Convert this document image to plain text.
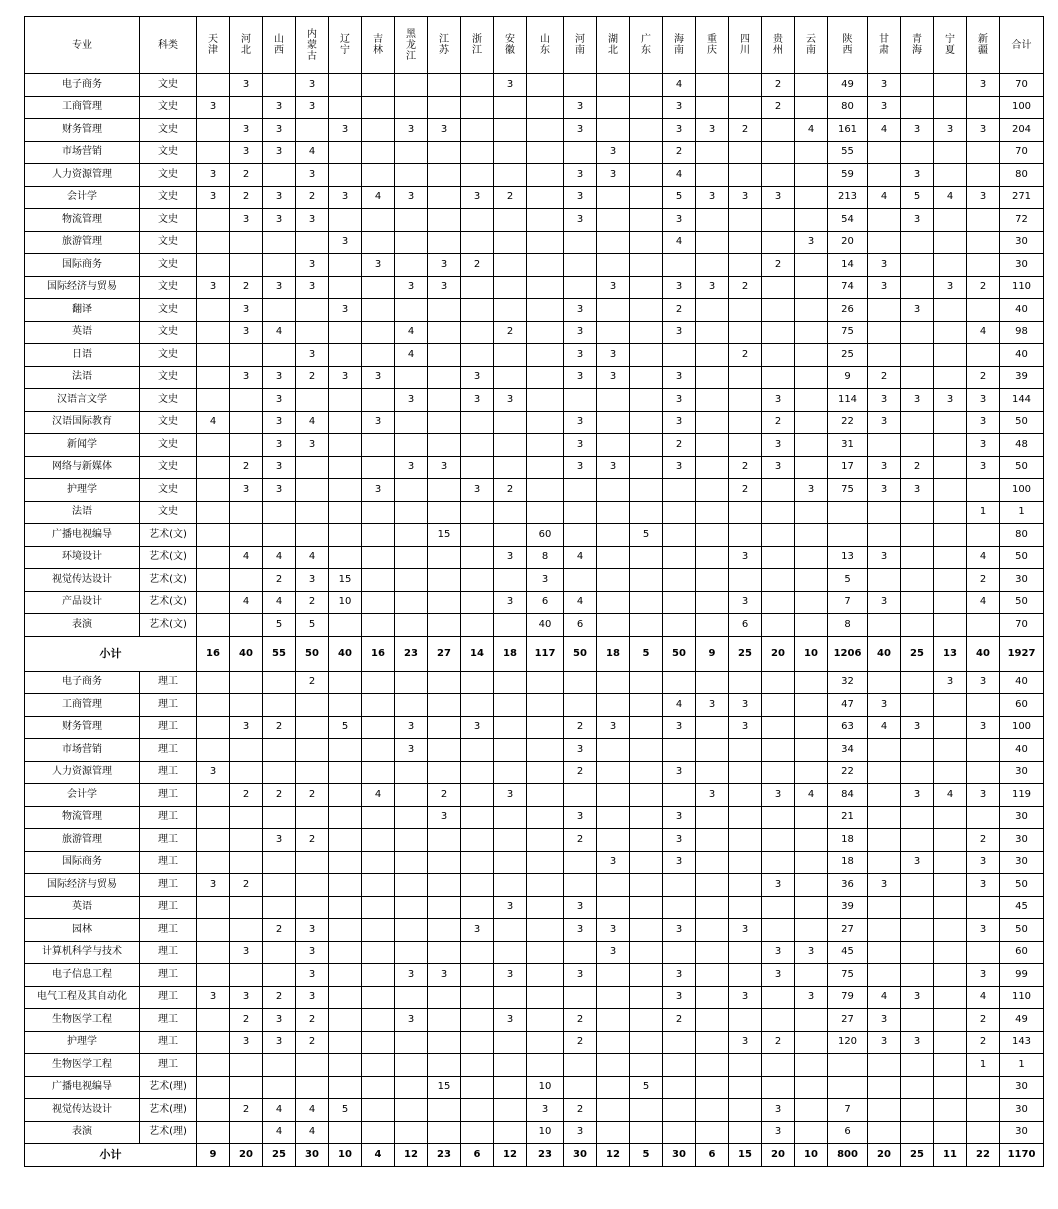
专业	科类	天津	河北	山西	内蒙古	辽宁	吉林	黑龙江	江苏	浙江	安徽	山东	河南	湖北	广东	海南	重庆	四川	贵州	云南	陕西	甘肃	青海	宁夏	新疆	合计
电子商务	文史		3		3						3					4			2		49	3			3	70
工商管理	文史	3		3	3								3			3			2		80	3				100
财务管理	文史		3	3		3		3	3				3			3	3	2		4	161	4	3	3	3	204
市场营销	文史		3	3	4									3		2					55					70
人力资源管理	文史	3	2		3								3	3		4					59		3			80
会计学	文史	3	2	3	2	3	4	3		3	2		3			5	3	3	3		213	4	5	4	3	271
物流管理	文史		3	3	3								3			3					54		3			72
旅游管理	文史					3										4				3	20					30
国际商务	文史				3		3		3	2									2		14	3				30
国际经济与贸易	文史	3	2	3	3			3	3					3		3	3	2			74	3		3	2	110
翻译	文史		3			3							3			2					26		3			40
英语	文史		3	4				4			2		3			3					75				4	98
日语	文史				3			4					3	3				2			25					40
法语	文史		3	3	2	3	3			3			3	3		3					9	2			2	39
汉语言文学	文史			3				3		3	3					3			3		114	3	3	3	3	144
汉语国际教育	文史	4		3	4		3						3			3			2		22	3			3	50
新闻学	文史			3	3								3			2			3		31				3	48
网络与新媒体	文史		2	3				3	3				3	3		3		2	3		17	3	2		3	50
护理学	文史		3	3			3			3	2							2		3	75	3	3			100
法语	文史																								1	1
广播电视编导	艺术(文)								15			60			5											80
环境设计	艺术(文)		4	4	4						3	8	4					3			13	3			4	50
视觉传达设计	艺术(文)			2	3	15						3									5				2	30
产品设计	艺术(文)		4	4	2	10					3	6	4					3			7	3			4	50
表演	艺术(文)			5	5							40	6					6			8					70
小计		16	40	55	50	40	16	23	27	14	18	117	50	18	5	50	9	25	20	10	1206	40	25	13	40	1927
电子商务	理工				2																32			3	3	40
工商管理	理工															4	3	3			47	3				60
财务管理	理工		3	2		5		3		3			2	3		3		3			63	4	3		3	100
市场营销	理工							3					3								34					40
人力资源管理	理工	3											2			3					22					30
会计学	理工		2	2	2		4		2		3						3		3	4	84		3	4	3	119
物流管理	理工								3				3			3					21					30
旅游管理	理工			3	2								2			3					18				2	30
国际商务	理工													3		3					18		3		3	30
国际经济与贸易	理工	3	2																3		36	3			3	50
英语	理工										3		3								39					45
园林	理工			2	3					3			3	3		3		3			27				3	50
计算机科学与技术	理工		3		3									3					3	3	45					60
电子信息工程	理工				3			3	3		3		3			3			3		75				3	99
电气工程及其自动化	理工	3	3	2	3											3		3		3	79	4	3		4	110
生物医学工程	理工		2	3	2			3			3		2			2					27	3			2	49
护理学	理工		3	3	2								2					3	2		120	3	3		2	143
生物医学工程	理工																								1	1
广播电视编导	艺术(理)								15			10			5											30
视觉传达设计	艺术(理)		2	4	4	5						3	2						3		7					30
表演	艺术(理)			4	4							10	3						3		6					30
小计		9	20	25	30	10	4	12	23	6	12	23	30	12	5	30	6	15	20	10	800	20	25	11	22	1170
